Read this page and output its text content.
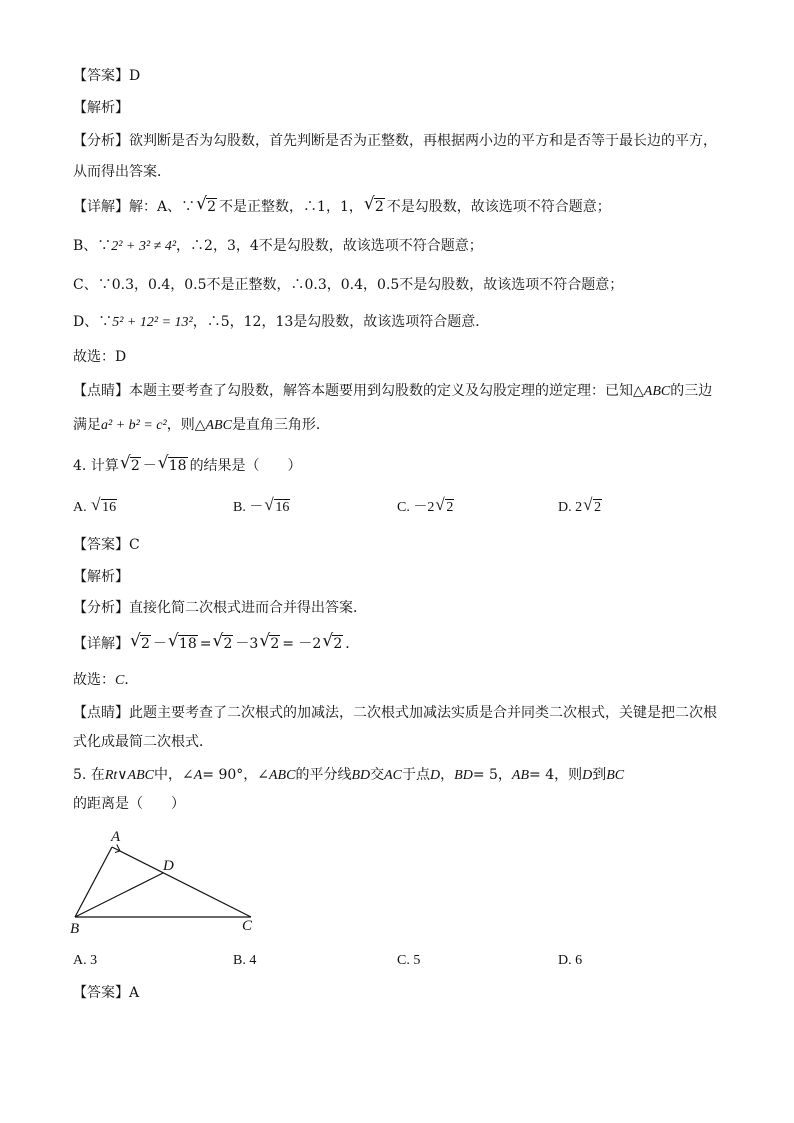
【答案】D
【解析】
【分析】欲判断是否为勾股数，首先判断是否为正整数，再根据两小边的平方和是否等于最长边的平方，
从而得出答案．
【详解】解：A、∵ √ 2 不是正整数，∴1，1， √ 2 不是勾股数，故该选项不符合题意；
B、∵2² + 3² ≠ 4²，∴2，3，4不是勾股数，故该选项不符合题意；
C、∵0.3，0.4，0.5不是正整数，∴0.3，0.4，0.5不是勾股数，故该选项不符合题意；
D、∵5² + 12² = 13²，∴5，12，13是勾股数，故该选项符合题意．
故选：D
【点睛】本题主要考查了勾股数，解答本题要用到勾股数的定义及勾股定理的逆定理：已知△ABC的三边
满足a² + b² = c²，则△ABC是直角三角形．
4. 计算 √ 2 － √ 18 的结果是（　　）
A. √ 16	B. － √ 16	C. －2 √ 2	D. 2 √ 2
【答案】C
【解析】
【分析】直接化简二次根式进而合并得出答案．
【详解】 √ 2 － √ 18 = √ 2 －3 √ 2 = －2 √ 2 ．
故选：C．
【点睛】此题主要考查了二次根式的加减法，二次根式加减法实质是合并同类二次根式，关键是把二次根
式化成最简二次根式．
5. 在Rt∨ABC中，∠A= 90°，∠ABC的平分线BD交AC于点D，BD= 5，AB= 4，则D到BC
的距离是（　　）
A
D
B	C
A. 3	B. 4	C. 5	D. 6
【答案】A
